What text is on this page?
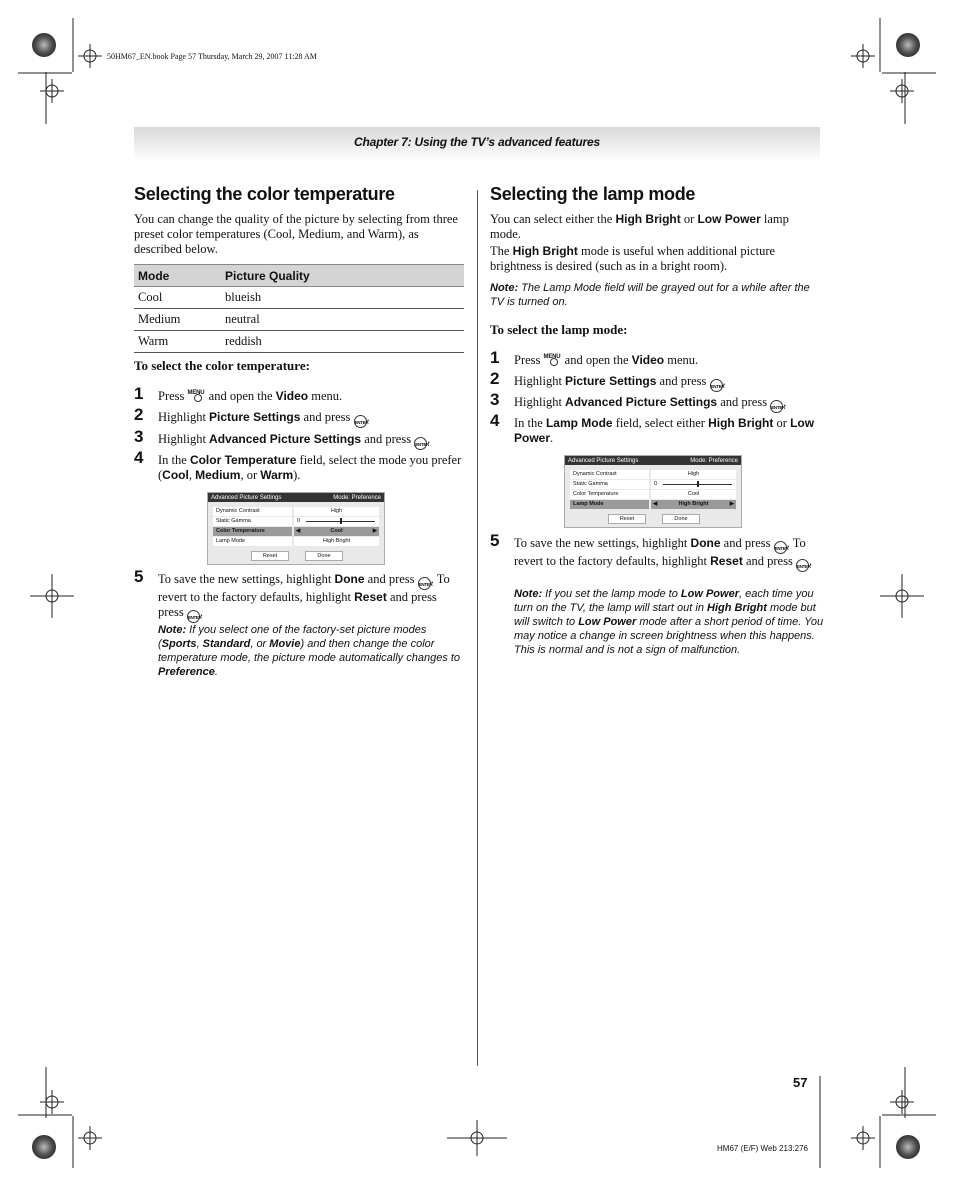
50HM67_EN.book Page 57 Thursday, March 29, 2007 11:28 AM
Chapter 7: Using the TV’s advanced features
Selecting the color temperature

You can change the quality of the picture by selecting from three preset color temperatures (Cool, Medium, and Warm), as described below.

Mode	Picture Quality
Cool	blueish
Medium	neutral
Warm	reddish
To select the color temperature:
1 Press MENU and open the Video menu.
2 Highlight Picture Settings and press ENTER.
3 Highlight Advanced Picture Settings and press ENTER.
4 In the Color Temperature field, select the mode you prefer (Cool, Medium, or Warm).
Advanced Picture Settings	Mode: Preference
Dynamic Contrast	High
Static Gamma	0
Color Temperature	◀	Cool	▶
Lamp Mode	High Bright
Reset	Done
5 To save the new settings, highlight Done and press ENTER. To revert to the factory defaults, highlight Reset and press press ENTER.
Note: If you select one of the factory-set picture modes (Sports, Standard, or Movie) and then change the color temperature mode, the picture mode automatically changes to Preference.
Selecting the lamp mode

You can select either the High Bright or Low Power lamp mode.

The High Bright mode is useful when additional picture brightness is desired (such as in a bright room).

Note: The Lamp Mode field will be grayed out for a while after the TV is turned on.
To select the lamp mode:
1 Press MENU and open the Video menu.
2 Highlight Picture Settings and press ENTER.
3 Highlight Advanced Picture Settings and press ENTER.
4 In the Lamp Mode field, select either High Bright or Low Power.
Advanced Picture Settings	Mode: Preference
Dynamic Contrast	High
Static Gamma	0
Color Temperature	Cool
Lamp Mode	◀	High Bright	▶
Reset	Done
5 To save the new settings, highlight Done and press ENTER. To revert to the factory defaults, highlight Reset and press ENTER.
Note: If you set the lamp mode to Low Power, each time you turn on the TV, the lamp will start out in High Bright mode but will switch to Low Power mode after a short period of time. You may notice a change in screen brightness when this happens. This is normal and is not a sign of malfunction.
57
HM67 (E/F) Web 213:276
